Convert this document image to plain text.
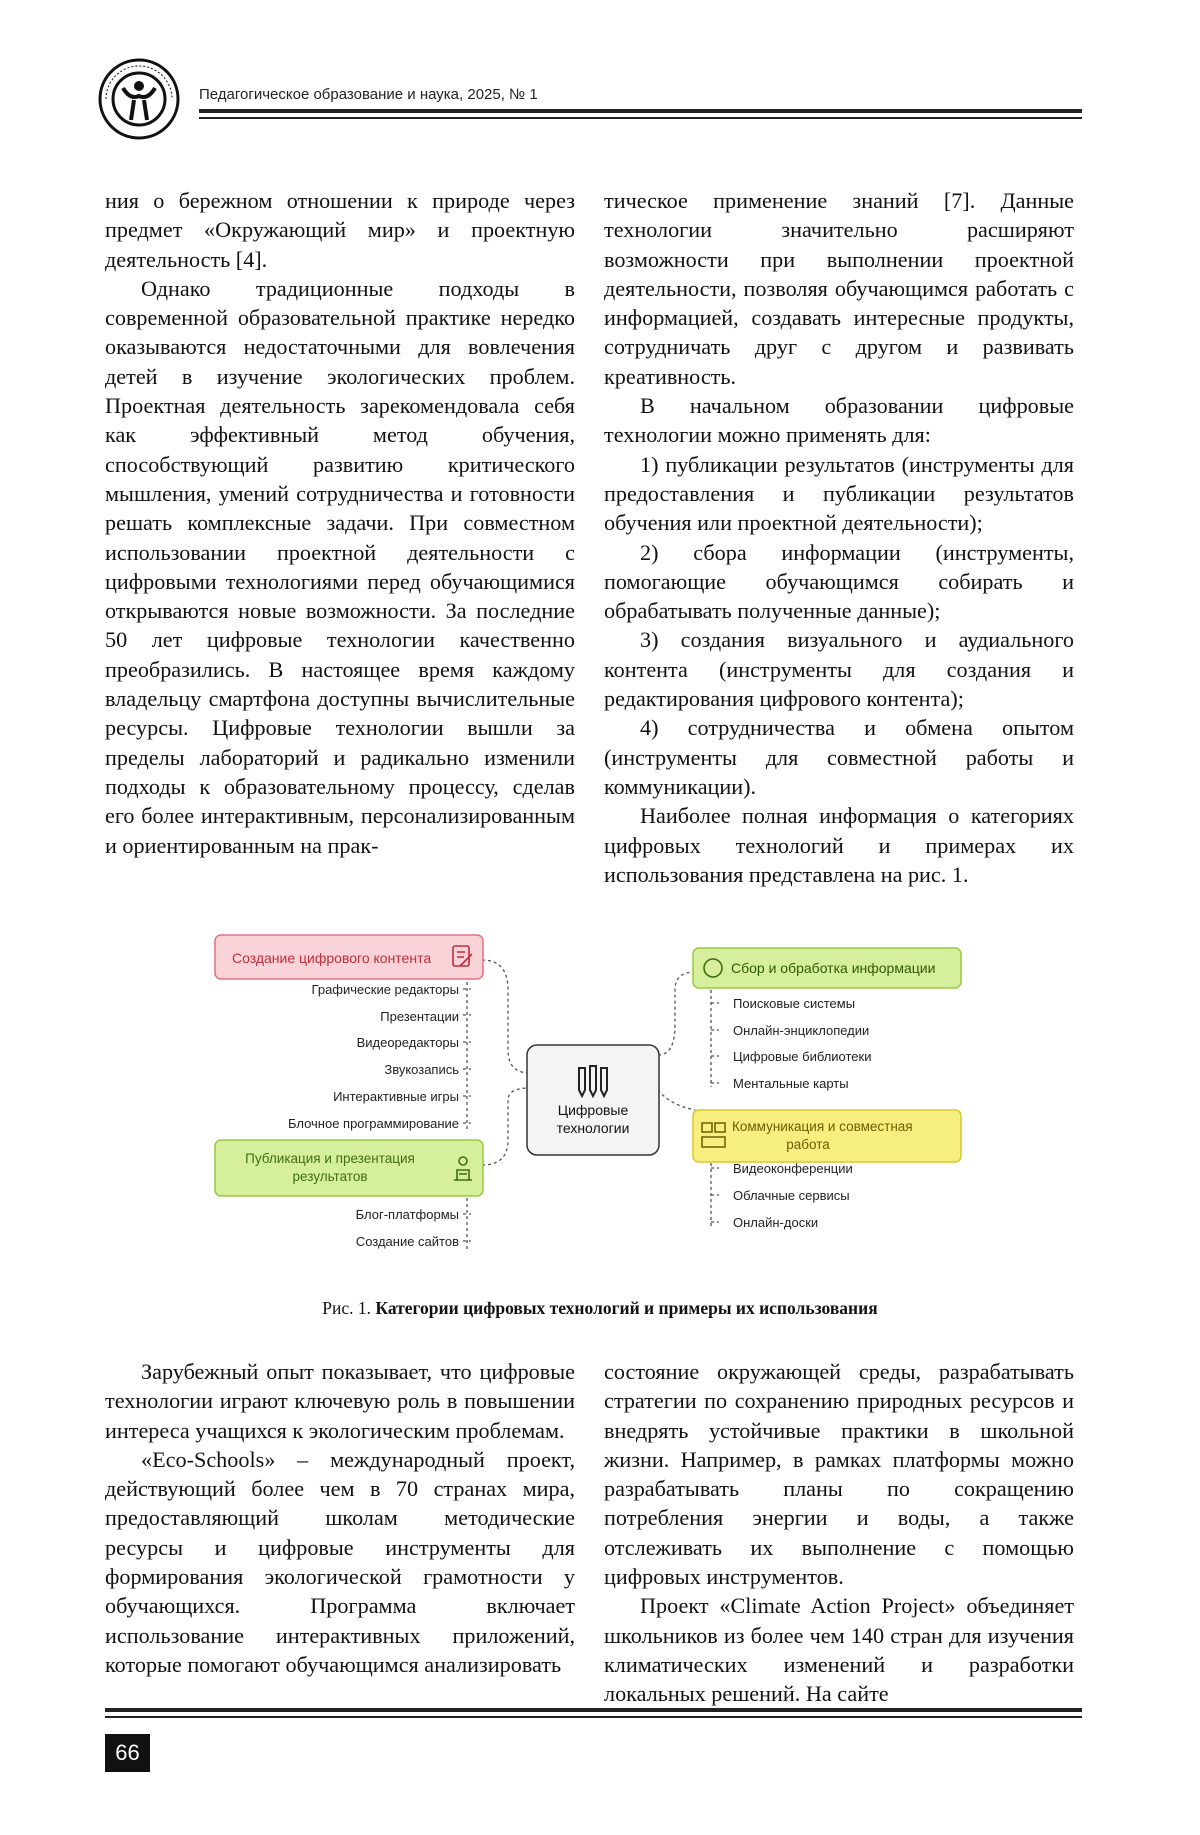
Педагогическое образование и наука, 2025, № 1

ния о бережном отношении к природе через предмет «Окружающий мир» и проектную деятельность [4].

Однако традиционные подходы в современной образовательной практике нередко оказываются недостаточными для вовлечения детей в изучение экологических проблем. Проектная деятельность зарекомендовала себя как эффективный метод обучения, способствующий развитию критического мышления, умений сотрудничества и готовности решать комплексные задачи. При совместном использовании проектной деятельности с цифровыми технологиями перед обучающимися открываются новые возможности. За последние 50 лет цифровые технологии качественно преобразились. В настоящее время каждому владельцу смартфона доступны вычислительные ресурсы. Цифровые технологии вышли за пределы лабораторий и радикально изменили подходы к образовательному процессу, сделав его более интерактивным, персонализированным и ориентированным на прак-

тическое применение знаний [7]. Данные технологии значительно расширяют возможности при выполнении проектной деятельности, позволяя обучающимся работать с информацией, создавать интересные продукты, сотрудничать друг с другом и развивать креативность.

В начальном образовании цифровые технологии можно применять для:

1) публикации результатов (инструменты для предоставления и публикации результатов обучения или проектной деятельности);

2) сбора информации (инструменты, помогающие обучающимся собирать и обрабатывать полученные данные);

3) создания визуального и аудиального контента (инструменты для создания и редактирования цифрового контента);

4) сотрудничества и обмена опытом (инструменты для совместной работы и коммуникации).

Наиболее полная информация о категориях цифровых технологий и примерах их использования представлена на рис. 1.

Цифровые
технологии
Создание цифрового контента
Графические редакторы
Презентации
Видеоредакторы
Звукозапись
Интерактивные игры
Блочное программирование
Публикация и презентация
результатов
Блог-платформы
Создание сайтов
Сбор и обработка информации
Поисковые системы
Онлайн-энциклопедии
Цифровые библиотеки
Ментальные карты
Коммуникация и совместная
работа
Видеоконференции
Облачные сервисы
Онлайн-доски
Рис. 1. Категории цифровых технологий и примеры их использования

Зарубежный опыт показывает, что цифровые технологии играют ключевую роль в повышении интереса учащихся к экологическим проблемам.

«Eco-Schools» – международный проект, действующий более чем в 70 странах мира, предоставляющий школам методические ресурсы и цифровые инструменты для формирования экологической грамотности у обучающихся. Программа включает использование интерактивных приложений, которые помогают обучающимся анализировать

состояние окружающей среды, разрабатывать стратегии по сохранению природных ресурсов и внедрять устойчивые практики в школьной жизни. Например, в рамках платформы можно разрабатывать планы по сокращению потребления энергии и воды, а также отслеживать их выполнение с помощью цифровых инструментов.

Проект «Climate Action Project» объединяет школьников из более чем 140 стран для изучения климатических изменений и разработки локальных решений. На сайте

66
